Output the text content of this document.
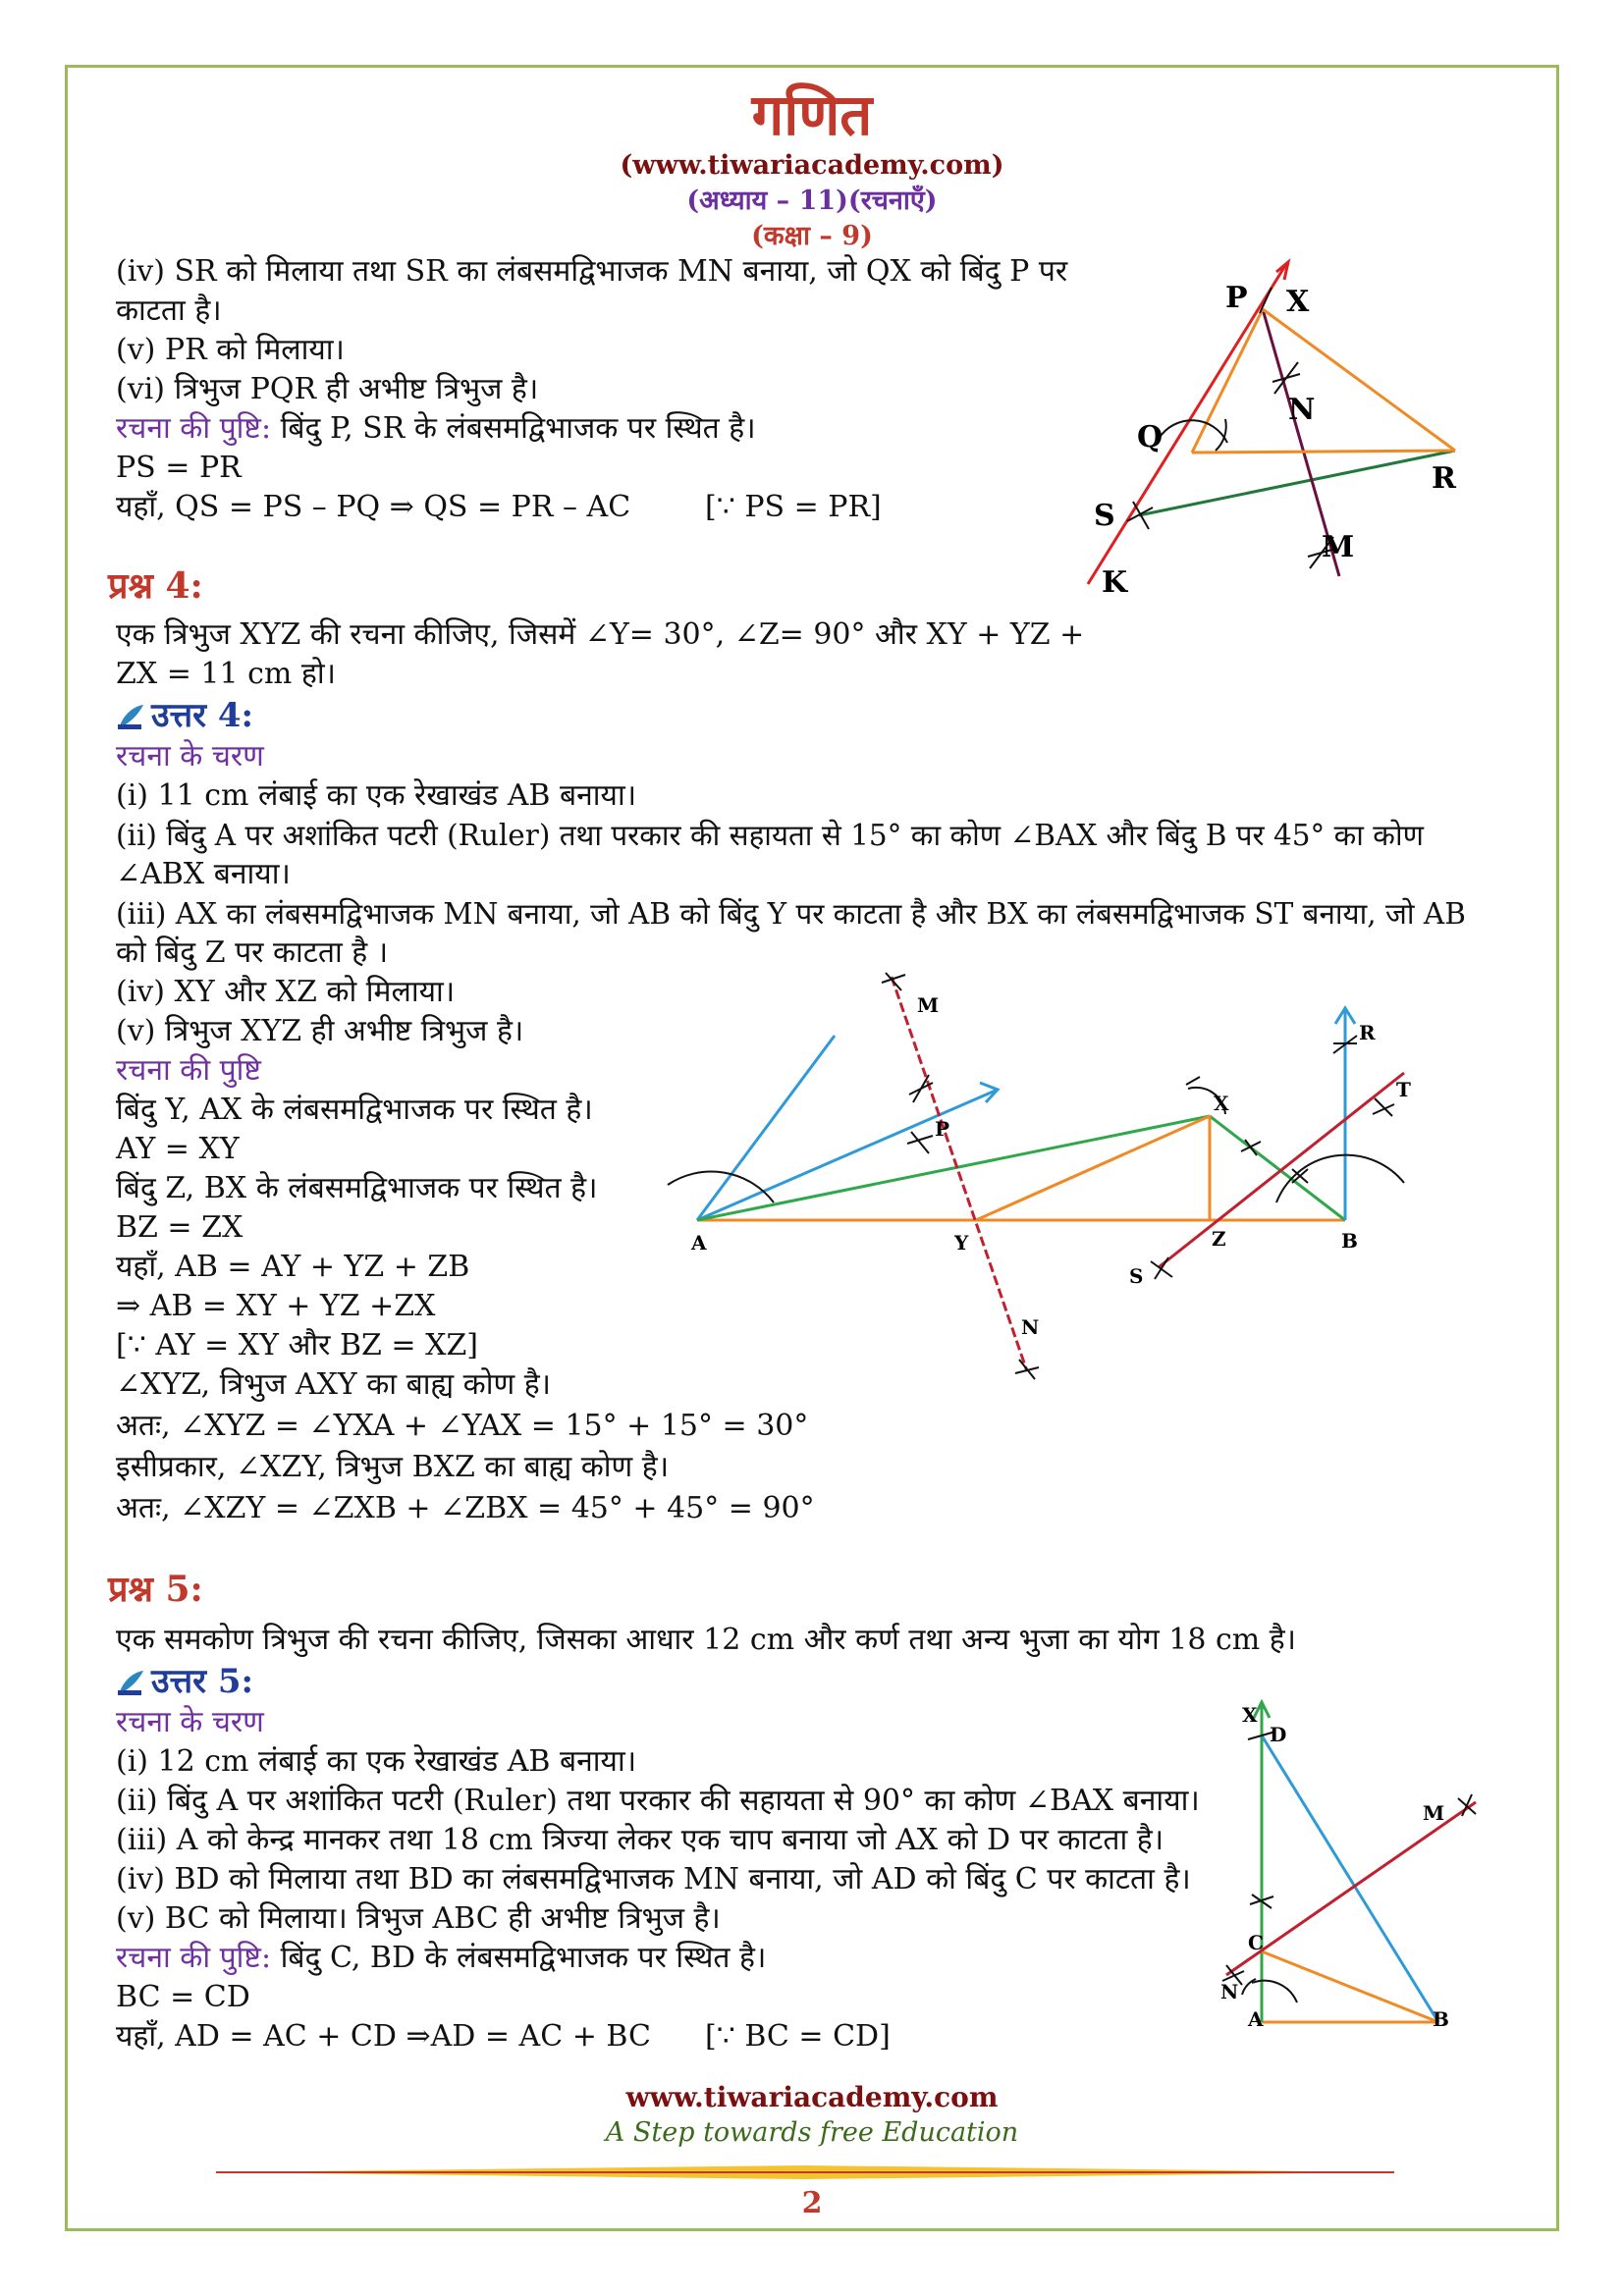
गणित
(www.tiwariacademy.com)
(अध्याय – 11)(रचनाएँ)
(कक्षा – 9)
(iv) SR को मिलाया तथा SR का लंबसमद्विभाजक MN बनाया, जो QX को बिंदु P पर
काटता है।
(v) PR को मिलाया।
(vi) त्रिभुज PQR ही अभीष्ट त्रिभुज है।
रचना की पुष्टि: बिंदु P, SR के लंबसमद्विभाजक पर स्थित है।
PS = PR
यहाँ, QS = PS – PQ ⇒ QS = PR – AC	[∵ PS = PR]
P X
N
Q
R
S
M
K
प्रश्न 4:
एक त्रिभुज XYZ की रचना कीजिए, जिसमें ∠Y= 30°, ∠Z= 90° और XY + YZ +
ZX = 11 cm हो।
उत्तर 4:
रचना के चरण
(i) 11 cm लंबाई का एक रेखाखंड AB बनाया।
(ii) बिंदु A पर अशांकित पटरी (Ruler) तथा परकार की सहायता से 15° का कोण ∠BAX और बिंदु B पर 45° का कोण
∠ABX बनाया।
(iii) AX का लंबसमद्विभाजक MN बनाया, जो AB को बिंदु Y पर काटता है और BX का लंबसमद्विभाजक ST बनाया, जो AB
को बिंदु Z पर काटता है ।
(iv) XY और XZ को मिलाया।
(v) त्रिभुज XYZ ही अभीष्ट त्रिभुज है।
रचना की पुष्टि
बिंदु Y, AX के लंबसमद्विभाजक पर स्थित है।
AY = XY
बिंदु Z, BX के लंबसमद्विभाजक पर स्थित है।
BZ = ZX
यहाँ, AB = AY + YZ + ZB
⇒ AB = XY + YZ +ZX
[∵ AY = XY और BZ = XZ]
∠XYZ, त्रिभुज AXY का बाह्य कोण है।
अतः, ∠XYZ = ∠YXA + ∠YAX = 15° + 15° = 30°
इसीप्रकार, ∠XZY, त्रिभुज BXZ का बाह्य कोण है।
अतः, ∠XZY = ∠ZXB + ∠ZBX = 45° + 45° = 90°
M
P
X
R
T
A	Y	Z	B
S
N
प्रश्न 5:
एक समकोण त्रिभुज की रचना कीजिए, जिसका आधार 12 cm और कर्ण तथा अन्य भुजा का योग 18 cm है।
उत्तर 5:
रचना के चरण
(i) 12 cm लंबाई का एक रेखाखंड AB बनाया।
(ii) बिंदु A पर अशांकित पटरी (Ruler) तथा परकार की सहायता से 90° का कोण ∠BAX बनाया।
(iii) A को केन्द्र मानकर तथा 18 cm त्रिज्या लेकर एक चाप बनाया जो AX को D पर काटता है।
(iv) BD को मिलाया तथा BD का लंबसमद्विभाजक MN बनाया, जो AD को बिंदु C पर काटता है।
(v) BC को मिलाया। त्रिभुज ABC ही अभीष्ट त्रिभुज है।
रचना की पुष्टि: बिंदु C, BD के लंबसमद्विभाजक पर स्थित है।
BC = CD
यहाँ, AD = AC + CD ⇒AD = AC + BC [∵ BC = CD]
X
D
M
C
N
A	B
www.tiwariacademy.com
A Step towards free Education
2
